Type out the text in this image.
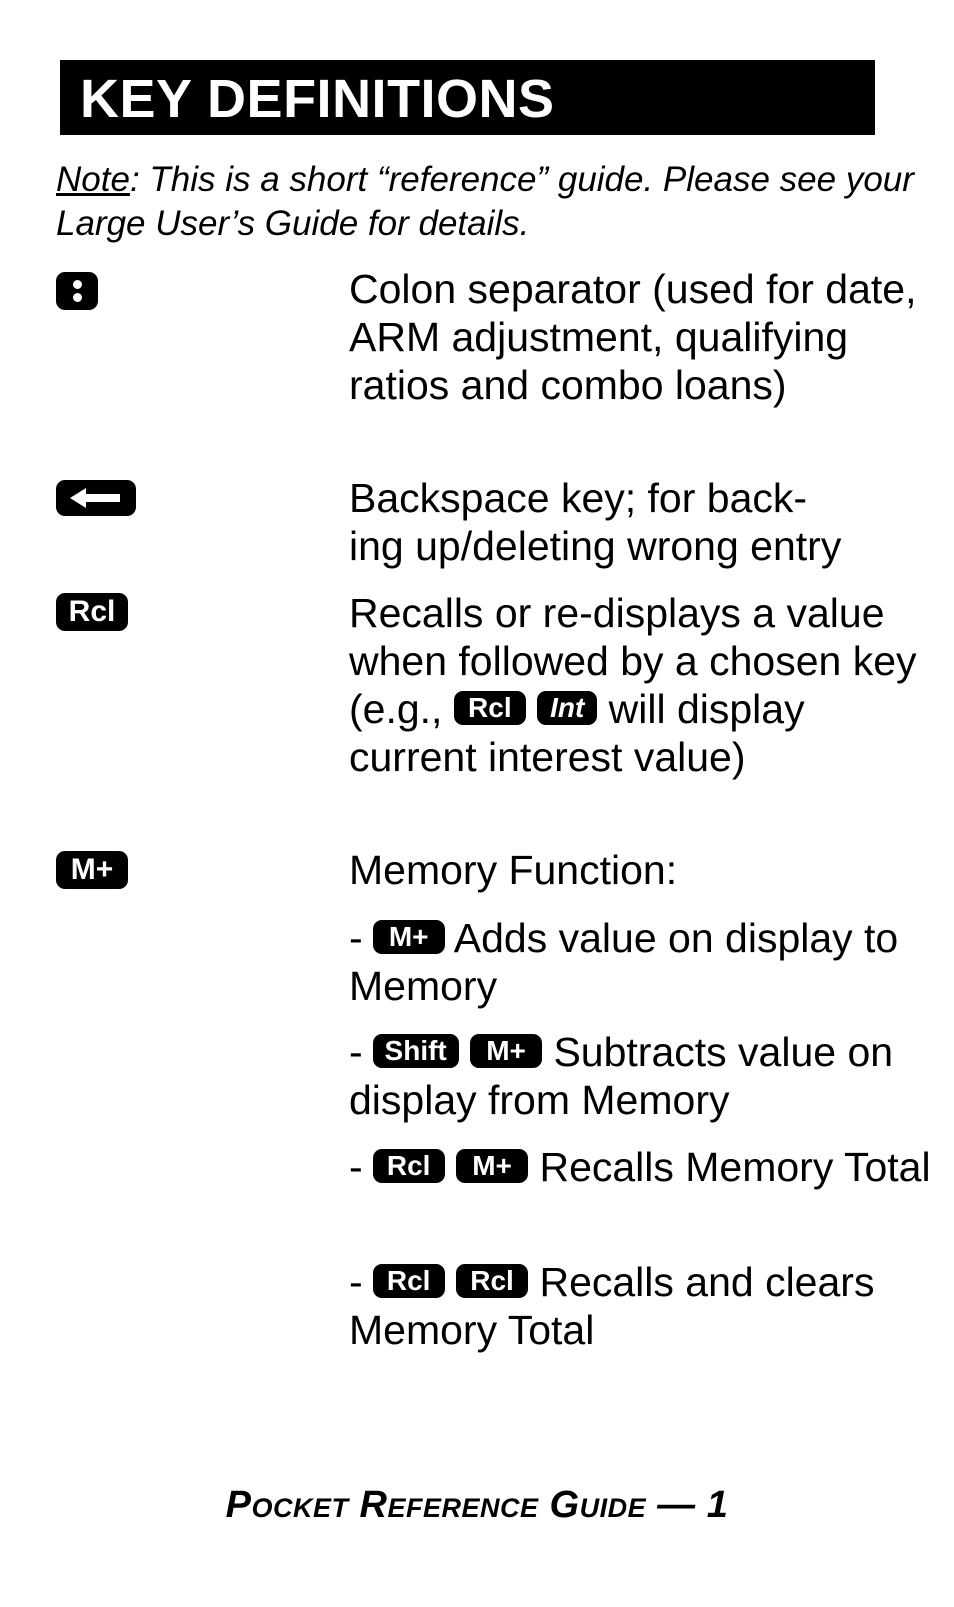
KEY DEFINITIONS
Note: This is a short “reference” guide. Please see your Large User’s Guide for details.
Colon separator (used for date, ARM adjustment, qualifying ratios and combo loans)
Backspace key; for back-
ing up/deleting wrong entry
Rcl	Recalls or re-displays a value when followed by a chosen key (e.g., Rcl Int will display current interest value)
M+	Memory Function:
- M+ Adds value on display to Memory
- Shift M+ Subtracts value on display from Memory
- Rcl M+ Recalls Memory Total
- Rcl Rcl Recalls and clears Memory Total
Pocket Reference Guide — 1
